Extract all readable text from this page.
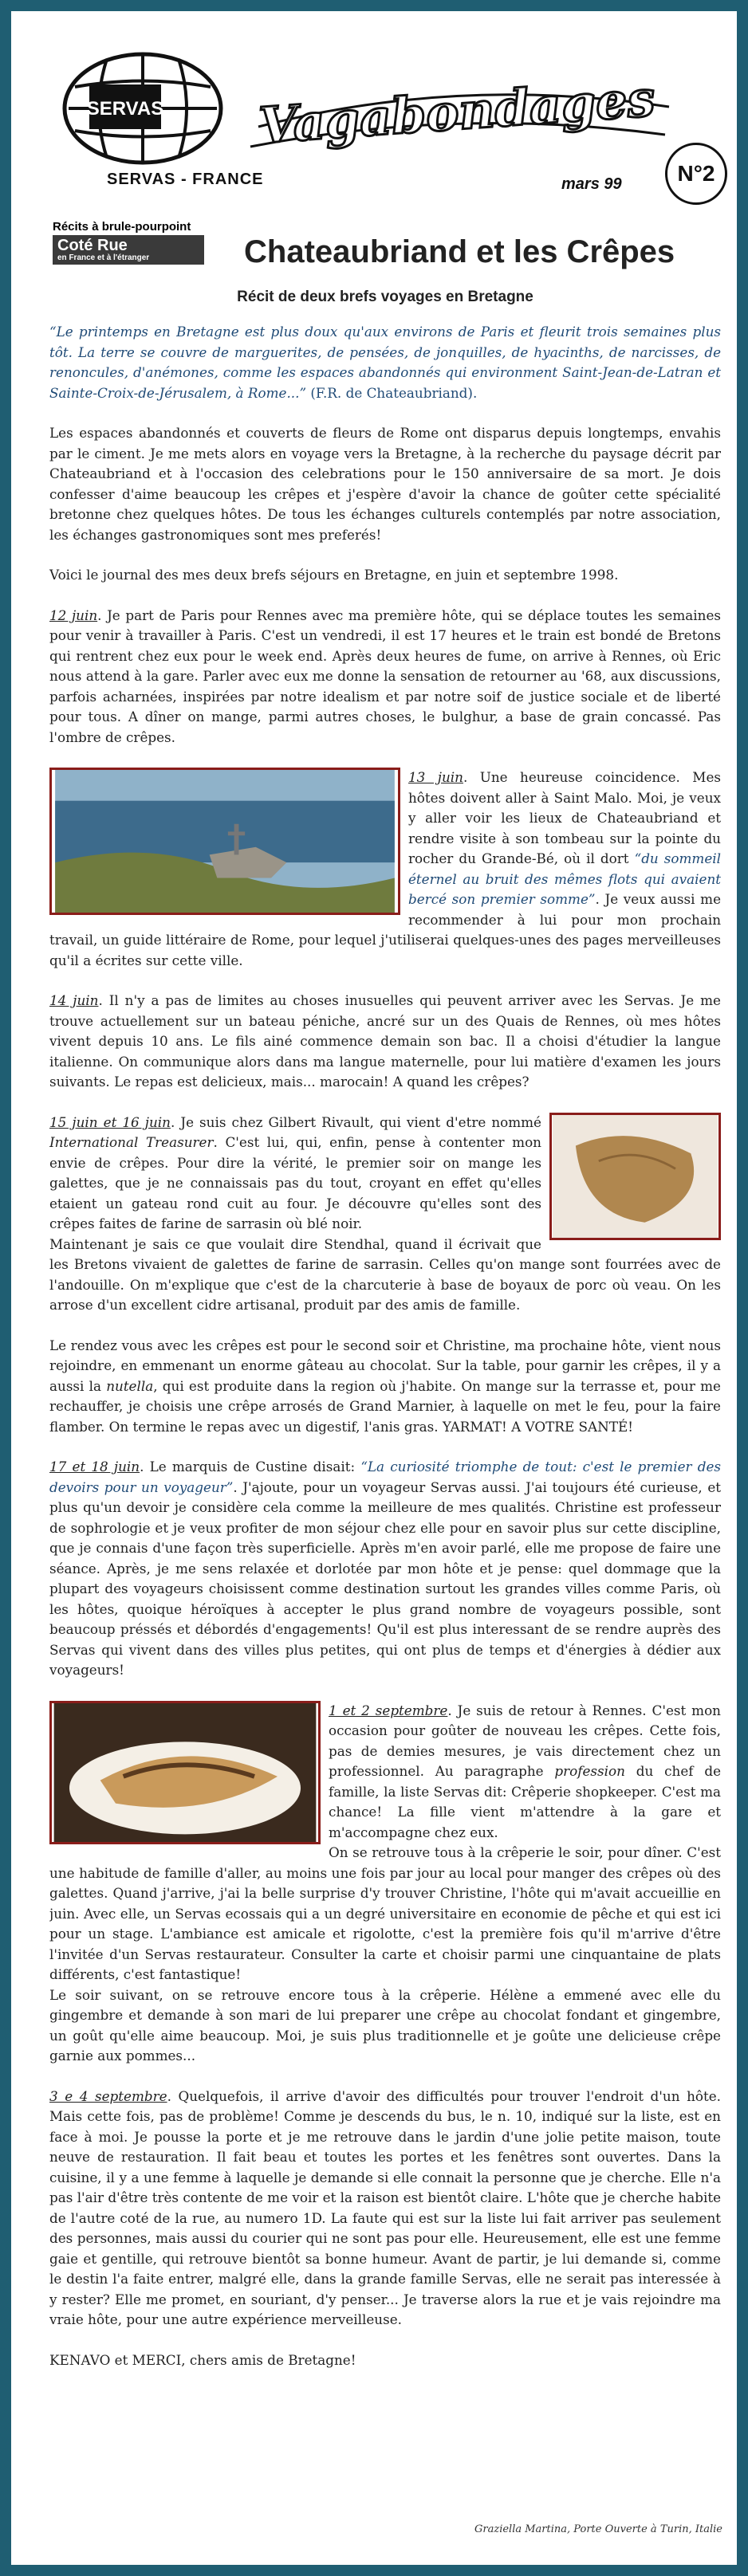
SERVAS
SERVAS - FRANCE
Vagabondages
mars 99	N°2
Récits à brule-pourpoint
Coté Rue
en France et à l'étranger	Chateaubriand et les Crêpes
Récit de deux brefs voyages en Bretagne

“Le printemps en Bretagne est plus doux qu'aux environs de Paris et fleurit trois semaines plus tôt. La terre se couvre de marguerites, de pensées, de jonquilles, de hyacinths, de narcisses, de renoncules, d'anémones, comme les espaces abandonnés qui environment Saint-Jean-de-Latran et Sainte-Croix-de-Jérusalem, à Rome...” (F.R. de Chateaubriand).

Les espaces abandonnés et couverts de fleurs de Rome ont disparus depuis longtemps, envahis par le ciment. Je me mets alors en voyage vers la Bretagne, à la recherche du paysage décrit par Chateaubriand et à l'occasion des celebrations pour le 150 anniversaire de sa mort. Je dois confesser d'aime beaucoup les crêpes et j'espère d'avoir la chance de goûter cette spécialité bretonne chez quelques hôtes. De tous les échanges culturels contemplés par notre association, les échanges gastronomiques sont mes preferés!

Voici le journal des mes deux brefs séjours en Bretagne, en juin et septembre 1998.

12 juin. Je part de Paris pour Rennes avec ma première hôte, qui se déplace toutes les semaines pour venir à travailler à Paris. C'est un vendredi, il est 17 heures et le train est bondé de Bretons qui rentrent chez eux pour le week end. Après deux heures de fume, on arrive à Rennes, où Eric nous attend à la gare. Parler avec eux me donne la sensation de retourner au '68, aux discussions, parfois acharnées, inspirées par notre idealism et par notre soif de justice sociale et de liberté pour tous. A dîner on mange, parmi autres choses, le bulghur, a base de grain concassé. Pas l'ombre de crêpes.

13 juin. Une heureuse coincidence. Mes hôtes doivent aller à Saint Malo. Moi, je veux y aller voir les lieux de Chateaubriand et rendre visite à son tombeau sur la pointe du rocher du Grande-Bé, où il dort “du sommeil éternel au bruit des mêmes flots qui avaient bercé son premier somme”. Je veux aussi me recommender à lui pour mon prochain travail, un guide littéraire de Rome, pour lequel j'utiliserai quelques-unes des pages merveilleuses qu'il a écrites sur cette ville.

14 juin. Il n'y a pas de limites au choses inusuelles qui peuvent arriver avec les Servas. Je me trouve actuellement sur un bateau péniche, ancré sur un des Quais de Rennes, où mes hôtes vivent depuis 10 ans. Le fils ainé commence demain son bac. Il a choisi d'étudier la langue italienne. On communique alors dans ma langue maternelle, pour lui matière d'examen les jours suivants. Le repas est delicieux, mais... marocain! A quand les crêpes?

15 juin et 16 juin. Je suis chez Gilbert Rivault, qui vient d'etre nommé International Treasurer. C'est lui, qui, enfin, pense à contenter mon envie de crêpes. Pour dire la vérité, le premier soir on mange les galettes, que je ne connaissais pas du tout, croyant en effet qu'elles etaient un gateau rond cuit au four. Je découvre qu'elles sont des crêpes faites de farine de sarrasin où blé noir.
Maintenant je sais ce que voulait dire Stendhal, quand il écrivait que les Bretons vivaient de galettes de farine de sarrasin. Celles qu'on mange sont fourrées avec de l'andouille. On m'explique que c'est de la charcuterie à base de boyaux de porc où veau. On les arrose d'un excellent cidre artisanal, produit par des amis de famille.

Le rendez vous avec les crêpes est pour le second soir et Christine, ma prochaine hôte, vient nous rejoindre, en emmenant un enorme gâteau au chocolat. Sur la table, pour garnir les crêpes, il y a aussi la nutella, qui est produite dans la region où j'habite. On mange sur la terrasse et, pour me rechauffer, je choisis une crêpe arrosés de Grand Marnier, à laquelle on met le feu, pour la faire flamber. On termine le repas avec un digestif, l'anis gras. YARMAT! A VOTRE SANTÉ!

17 et 18 juin. Le marquis de Custine disait: “La curiosité triomphe de tout: c'est le premier des devoirs pour un voyageur”. J'ajoute, pour un voyageur Servas aussi. J'ai toujours été curieuse, et plus qu'un devoir je considère cela comme la meilleure de mes qualités. Christine est professeur de sophrologie et je veux profiter de mon séjour chez elle pour en savoir plus sur cette discipline, que je connais d'une façon très superficielle. Après m'en avoir parlé, elle me propose de faire une séance. Après, je me sens relaxée et dorlotée par mon hôte et je pense: quel dommage que la plupart des voyageurs choisissent comme destination surtout les grandes villes comme Paris, où les hôtes, quoique héroïques à accepter le plus grand nombre de voyageurs possible, sont beaucoup préssés et débordés d'engagements! Qu'il est plus interessant de se rendre auprès des Servas qui vivent dans des villes plus petites, qui ont plus de temps et d'énergies à dédier aux voyageurs!

1 et 2 septembre. Je suis de retour à Rennes. C'est mon occasion pour goûter de nouveau les crêpes. Cette fois, pas de demies mesures, je vais directement chez un professionnel. Au paragraphe profession du chef de famille, la liste Servas dit: Crêperie shopkeeper. C'est ma chance! La fille vient m'attendre à la gare et m'accompagne chez eux.
On se retrouve tous à la crêperie le soir, pour dîner. C'est une habitude de famille d'aller, au moins une fois par jour au local pour manger des crêpes où des galettes. Quand j'arrive, j'ai la belle surprise d'y trouver Christine, l'hôte qui m'avait accueillie en juin. Avec elle, un Servas ecossais qui a un degré universitaire en economie de pêche et qui est ici pour un stage. L'ambiance est amicale et rigolotte, c'est la première fois qu'il m'arrive d'être l'invitée d'un Servas restaurateur. Consulter la carte et choisir parmi une cinquantaine de plats différents, c'est fantastique!
Le soir suivant, on se retrouve encore tous à la crêperie. Hélène a emmené avec elle du gingembre et demande à son mari de lui preparer une crêpe au chocolat fondant et gingembre, un goût qu'elle aime beaucoup. Moi, je suis plus traditionnelle et je goûte une delicieuse crêpe garnie aux pommes...

3 e 4 septembre. Quelquefois, il arrive d'avoir des difficultés pour trouver l'endroit d'un hôte. Mais cette fois, pas de problème! Comme je descends du bus, le n. 10, indiqué sur la liste, est en face à moi. Je pousse la porte et je me retrouve dans le jardin d'une jolie petite maison, toute neuve de restauration. Il fait beau et toutes les portes et les fenêtres sont ouvertes. Dans la cuisine, il y a une femme à laquelle je demande si elle connait la personne que je cherche. Elle n'a pas l'air d'être très contente de me voir et la raison est bientôt claire. L'hôte que je cherche habite de l'autre coté de la rue, au numero 1D. La faute qui est sur la liste lui fait arriver pas seulement des personnes, mais aussi du courier qui ne sont pas pour elle. Heureusement, elle est une femme gaie et gentille, qui retrouve bientôt sa bonne humeur. Avant de partir, je lui demande si, comme le destin l'a faite entrer, malgré elle, dans la grande famille Servas, elle ne serait pas interessée à y rester? Elle me promet, en souriant, d'y penser... Je traverse alors la rue et je vais rejoindre ma vraie hôte, pour une autre expérience merveilleuse.

KENAVO et MERCI, chers amis de Bretagne!

Graziella Martina, Porte Ouverte à Turin, Italie
